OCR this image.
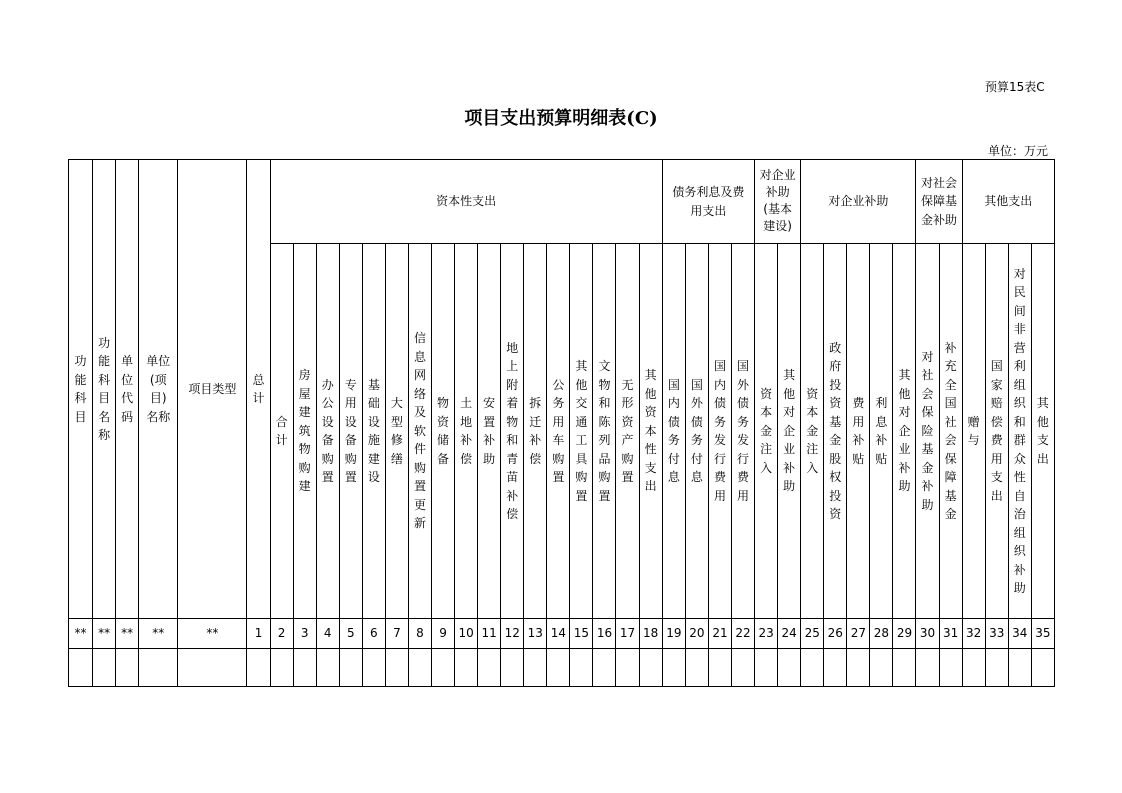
预算15表C
项目支出预算明细表(C)
单位：万元
功能科目	功能科目名称	单位代码	单位(项目)名称	项目类型	总计	资本性支出																	债务利息及费用支出				对企业补助(基本建设)		对企业补助					对社会保障基金补助		其他支出			
						合计	房屋建筑物购建	办公设备购置	专用设备购置	基础设施建设	大型修缮	信息网络及软件购置更新	物资储备	土地补偿	安置补助	地上附着物和青苗补偿	拆迁补偿	公务用车购置	其他交通工具购置	文物和陈列品购置	无形资产购置	其他资本性支出	国内债务付息	国外债务付息	国内债务发行费用	国外债务发行费用	资本金注入	其他对企业补助	资本金注入	政府投资基金股权投资	费用补贴	利息补贴	其他对企业补助	对社会保险基金补助	补充全国社会保障基金	赠与	国家赔偿费用支出	对民间非营利组织和群众性自治组织补助	其他支出
**	**	**	**	**	1	2	3	4	5	6	7	8	9	10	11	12	13	14	15	16	17	18	19	20	21	22	23	24	25	26	27	28	29	30	31	32	33	34	35
